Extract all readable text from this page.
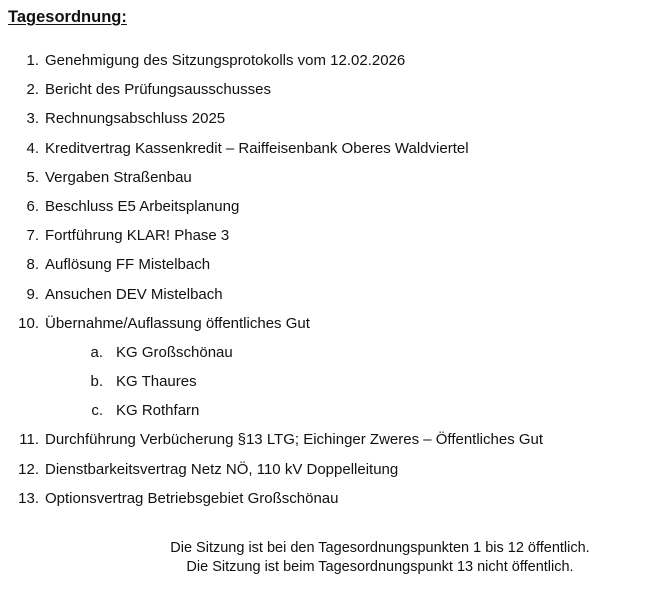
Tagesordnung:
1. Genehmigung des Sitzungsprotokolls vom 12.02.2026
2. Bericht des Prüfungsausschusses
3. Rechnungsabschluss 2025
4. Kreditvertrag Kassenkredit – Raiffeisenbank Oberes Waldviertel
5. Vergaben Straßenbau
6. Beschluss E5 Arbeitsplanung
7. Fortführung KLAR! Phase 3
8. Auflösung FF Mistelbach
9. Ansuchen DEV Mistelbach
10. Übernahme/Auflassung öffentliches Gut
a. KG Großschönau
b. KG Thaures
c. KG Rothfarn
11. Durchführung Verbücherung §13 LTG; Eichinger Zweres – Öffentliches Gut
12. Dienstbarkeitsvertrag Netz NÖ, 110 kV Doppelleitung
13. Optionsvertrag Betriebsgebiet Großschönau
Die Sitzung ist bei den Tagesordnungspunkten 1 bis 12 öffentlich.
Die Sitzung ist beim Tagesordnungspunkt 13 nicht öffentlich.
